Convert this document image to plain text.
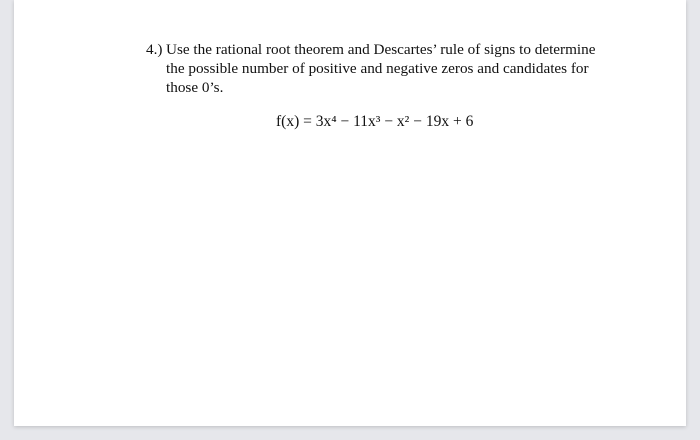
4.) Use the rational root theorem and Descartes’ rule of signs to determine the possible number of positive and negative zeros and candidates for those 0’s.
f(x) = 3x⁴ − 11x³ − x² − 19x + 6
